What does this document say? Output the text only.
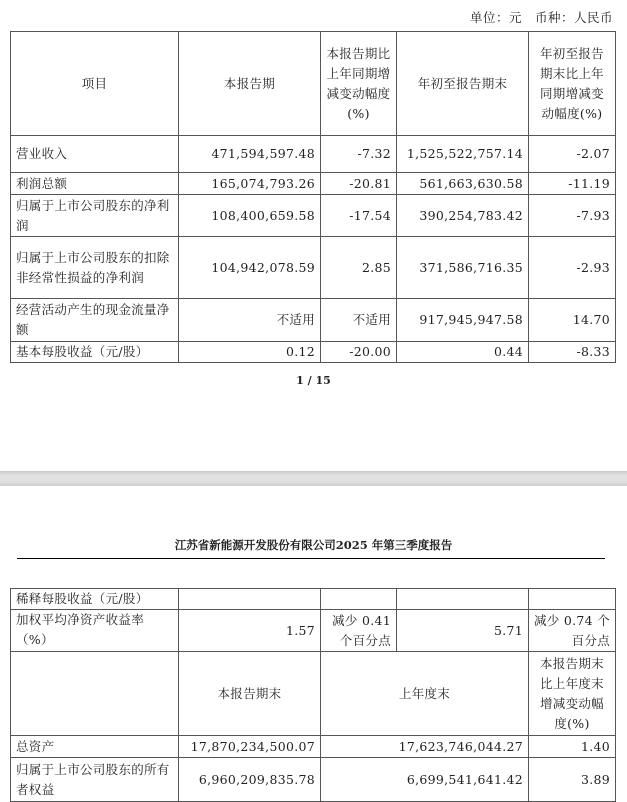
单位：元　币种：人民币
项目	本报告期	本报告期比上年同期增减变动幅度(%)	年初至报告期末	年初至报告期末比上年同期增减变动幅度(%)
营业收入	471,594,597.48	-7.32	1,525,522,757.14	-2.07
利润总额	165,074,793.26	-20.81	561,663,630.58	-11.19
归属于上市公司股东的净利润	108,400,659.58	-17.54	390,254,783.42	-7.93
归属于上市公司股东的扣除非经常性损益的净利润	104,942,078.59	2.85	371,586,716.35	-2.93
经营活动产生的现金流量净额	不适用	不适用	917,945,947.58	14.70
基本每股收益（元/股）	0.12	-20.00	0.44	-8.33
1 / 15
江苏省新能源开发股份有限公司2025 年第三季度报告
稀释每股收益（元/股）				
加权平均净资产收益率（%）	1.57	减少 0.41 个百分点	5.71	减少 0.74 个百分点
	本报告期末	上年度末		本报告期末比上年度末增减变动幅度(%)
总资产	17,870,234,500.07	17,623,746,044.27		1.40
归属于上市公司股东的所有者权益	6,960,209,835.78	6,699,541,641.42		3.89
